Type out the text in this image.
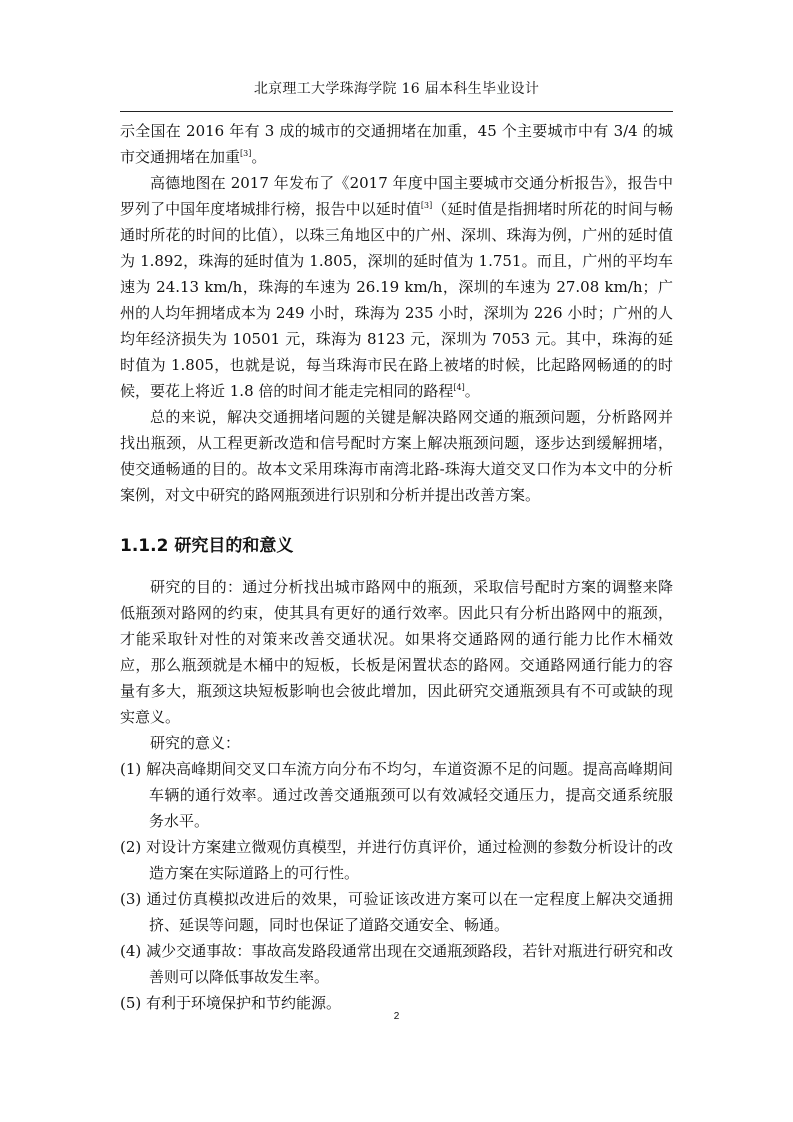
北京理工大学珠海学院 16 届本科生毕业设计

示全国在 2016 年有 3 成的城市的交通拥堵在加重，45 个主要城市中有 3/4 的城市交通拥堵在加重[3]。

高德地图在 2017 年发布了《2017 年度中国主要城市交通分析报告》，报告中罗列了中国年度堵城排行榜，报告中以延时值[3]（延时值是指拥堵时所花的时间与畅通时所花的时间的比值），以珠三角地区中的广州、深圳、珠海为例，广州的延时值为 1.892，珠海的延时值为 1.805，深圳的延时值为 1.751。而且，广州的平均车速为 24.13 km/h，珠海的车速为 26.19 km/h，深圳的车速为 27.08 km/h；广州的人均年拥堵成本为 249 小时，珠海为 235 小时，深圳为 226 小时；广州的人均年经济损失为 10501 元，珠海为 8123 元，深圳为 7053 元。其中，珠海的延时值为 1.805，也就是说，每当珠海市民在路上被堵的时候，比起路网畅通的的时候，要花上将近 1.8 倍的时间才能走完相同的路程[4]。

总的来说，解决交通拥堵问题的关键是解决路网交通的瓶颈问题，分析路网并找出瓶颈，从工程更新改造和信号配时方案上解决瓶颈问题，逐步达到缓解拥堵，使交通畅通的目的。故本文采用珠海市南湾北路-珠海大道交叉口作为本文中的分析案例，对文中研究的路网瓶颈进行识别和分析并提出改善方案。

1.1.2 研究目的和意义

研究的目的：通过分析找出城市路网中的瓶颈，采取信号配时方案的调整来降低瓶颈对路网的约束，使其具有更好的通行效率。因此只有分析出路网中的瓶颈，才能采取针对性的对策来改善交通状况。如果将交通路网的通行能力比作木桶效应，那么瓶颈就是木桶中的短板，长板是闲置状态的路网。交通路网通行能力的容量有多大，瓶颈这块短板影响也会彼此增加，因此研究交通瓶颈具有不可或缺的现实意义。

研究的意义：

(1) 解决高峰期间交叉口车流方向分布不均匀，车道资源不足的问题。提高高峰期间车辆的通行效率。通过改善交通瓶颈可以有效减轻交通压力，提高交通系统服务水平。

(2) 对设计方案建立微观仿真模型，并进行仿真评价，通过检测的参数分析设计的改造方案在实际道路上的可行性。

(3) 通过仿真模拟改进后的效果，可验证该改进方案可以在一定程度上解决交通拥挤、延误等问题，同时也保证了道路交通安全、畅通。

(4) 减少交通事故：事故高发路段通常出现在交通瓶颈路段，若针对瓶进行研究和改善则可以降低事故发生率。

(5) 有利于环境保护和节约能源。

2
